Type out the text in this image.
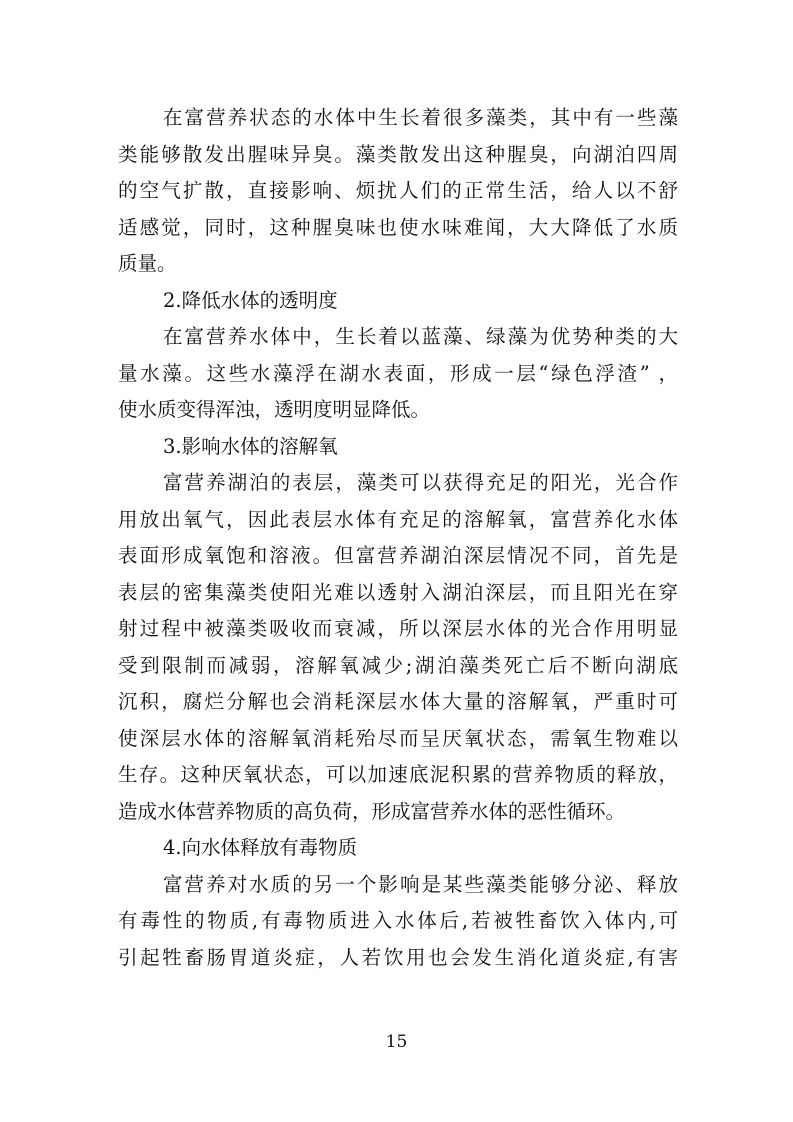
在富营养状态的水体中生长着很多藻类，其中有一些藻
类能够散发出腥味异臭。藻类散发出这种腥臭，向湖泊四周
的空气扩散，直接影响、烦扰人们的正常生活，给人以不舒
适感觉，同时，这种腥臭味也使水味难闻，大大降低了水质
质量。
2.降低水体的透明度
在富营养水体中，生长着以蓝藻、绿藻为优势种类的大
量水藻。这些水藻浮在湖水表面，形成一层“绿色浮渣” ，
使水质变得浑浊，透明度明显降低。
3.影响水体的溶解氧
富营养湖泊的表层，藻类可以获得充足的阳光，光合作
用放出氧气，因此表层水体有充足的溶解氧，富营养化水体
表面形成氧饱和溶液。但富营养湖泊深层情况不同，首先是
表层的密集藻类使阳光难以透射入湖泊深层，而且阳光在穿
射过程中被藻类吸收而衰减，所以深层水体的光合作用明显
受到限制而减弱，溶解氧减少;湖泊藻类死亡后不断向湖底
沉积，腐烂分解也会消耗深层水体大量的溶解氧，严重时可
使深层水体的溶解氧消耗殆尽而呈厌氧状态，需氧生物难以
生存。这种厌氧状态，可以加速底泥积累的营养物质的释放，
造成水体营养物质的高负荷，形成富营养水体的恶性循环。
4.向水体释放有毒物质
富营养对水质的另一个影响是某些藻类能够分泌、释放
有毒性的物质,有毒物质进入水体后,若被牲畜饮入体内,可
引起牲畜肠胃道炎症，人若饮用也会发生消化道炎症,有害
15
